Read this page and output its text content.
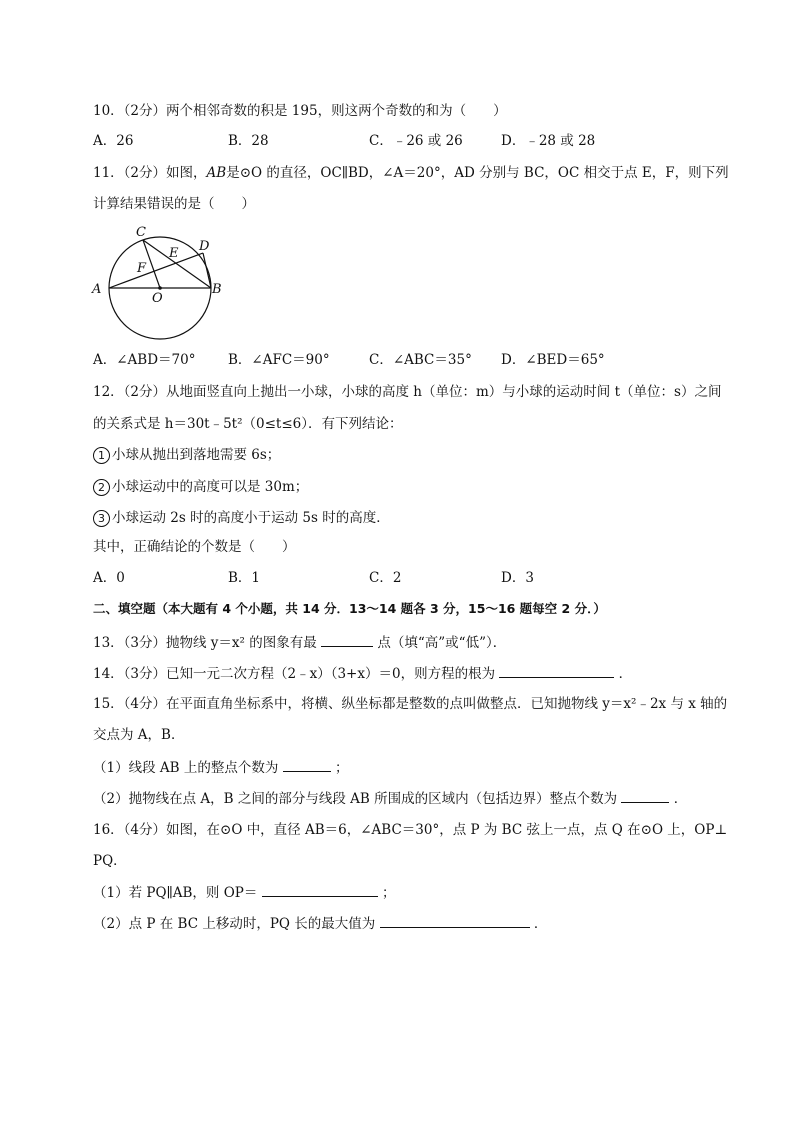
10．（2分）两个相邻奇数的积是 195，则这两个奇数的和为（　　）
A．26	B．28	C．﹣26 或 26	D．﹣28 或 28
11．（2分）如图，AB是⊙O 的直径，OC∥BD，∠A＝20°，AD 分别与 BC，OC 相交于点 E，F，则下列
计算结果错误的是（　　）
A	B
C
D
E
F
O
A．∠ABD＝70° B．∠AFC＝90°	C．∠ABC＝35° D．∠BED＝65°
12．（2分）从地面竖直向上抛出一小球，小球的高度 h（单位：m）与小球的运动时间 t（单位：s）之间
的关系式是 h＝30t﹣5t²（0≤t≤6）．有下列结论：
1 小球从抛出到落地需要 6s；
2 小球运动中的高度可以是 30m；
3 小球运动 2s 时的高度小于运动 5s 时的高度．
其中，正确结论的个数是（　　）
A．0	B．1	C．2	D．3
二、填空题（本大题有 4 个小题，共 14 分．13～14 题各 3 分，15～16 题每空 2 分．）
13．（3分）抛物线 y＝x² 的图象有最	点（填“高”或“低”）．
14．（3分）已知一元二次方程（2﹣x）（3+x）＝0，则方程的根为	．
15．（4分）在平面直角坐标系中，将横、纵坐标都是整数的点叫做整点．已知抛物线 y＝x²﹣2x 与 x 轴的
交点为 A，B．
（1）线段 AB 上的整点个数为	；
（2）抛物线在点 A，B 之间的部分与线段 AB 所围成的区域内（包括边界）整点个数为	．
16．（4分）如图，在⊙O 中，直径 AB＝6，∠ABC＝30°，点 P 为 BC 弦上一点，点 Q 在⊙O 上，OP⊥
PQ．
（1）若 PQ∥AB，则 OP＝	；
（2）点 P 在 BC 上移动时，PQ 长的最大值为	．
